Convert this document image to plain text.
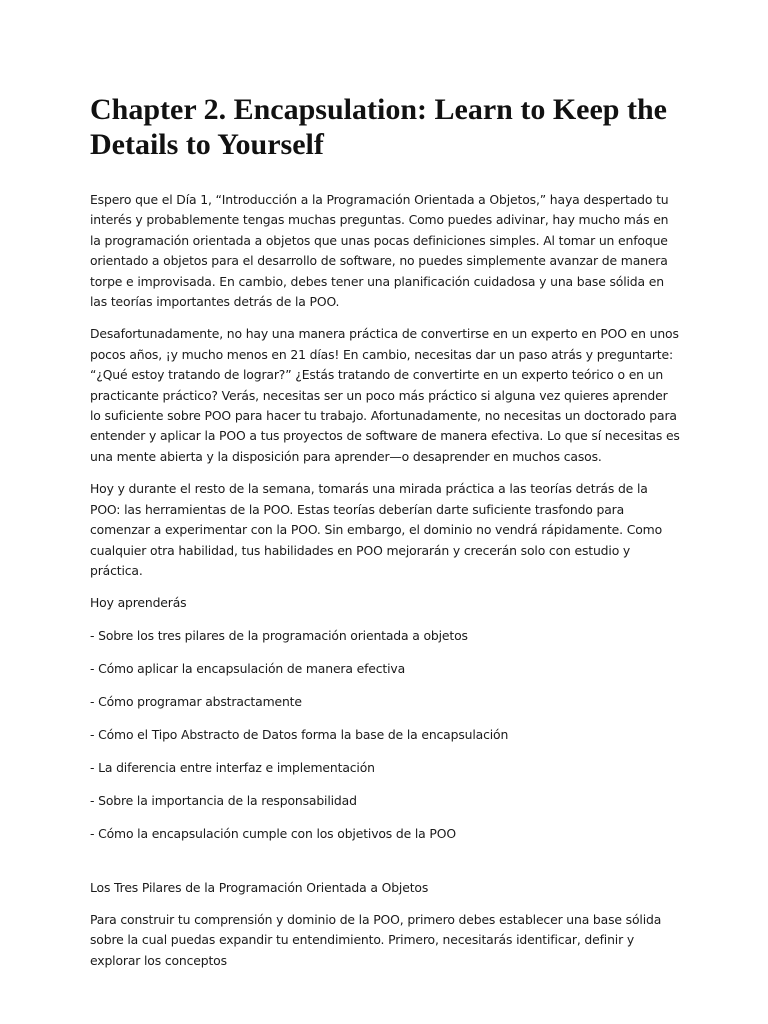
Chapter 2. Encapsulation: Learn to Keep the Details to Yourself

Espero que el Día 1, “Introducción a la Programación Orientada a Objetos,” haya despertado tu interés y probablemente tengas muchas preguntas. Como puedes adivinar, hay mucho más en la programación orientada a objetos que unas pocas definiciones simples. Al tomar un enfoque orientado a objetos para el desarrollo de software, no puedes simplemente avanzar de manera torpe e improvisada. En cambio, debes tener una planificación cuidadosa y una base sólida en las teorías importantes detrás de la POO.

Desafortunadamente, no hay una manera práctica de convertirse en un experto en POO en unos pocos años, ¡y mucho menos en 21 días! En cambio, necesitas dar un paso atrás y preguntarte: “¿Qué estoy tratando de lograr?” ¿Estás tratando de convertirte en un experto teórico o en un practicante práctico? Verás, necesitas ser un poco más práctico si alguna vez quieres aprender lo suficiente sobre POO para hacer tu trabajo. Afortunadamente, no necesitas un doctorado para entender y aplicar la POO a tus proyectos de software de manera efectiva. Lo que sí necesitas es una mente abierta y la disposición para aprender—o desaprender en muchos casos.

Hoy y durante el resto de la semana, tomarás una mirada práctica a las teorías detrás de la POO: las herramientas de la POO. Estas teorías deberían darte suficiente trasfondo para comenzar a experimentar con la POO. Sin embargo, el dominio no vendrá rápidamente. Como cualquier otra habilidad, tus habilidades en POO mejorarán y crecerán solo con estudio y práctica.

Hoy aprenderás

- Sobre los tres pilares de la programación orientada a objetos

- Cómo aplicar la encapsulación de manera efectiva

- Cómo programar abstractamente

- Cómo el Tipo Abstracto de Datos forma la base de la encapsulación

- La diferencia entre interfaz e implementación

- Sobre la importancia de la responsabilidad

- Cómo la encapsulación cumple con los objetivos de la POO

Los Tres Pilares de la Programación Orientada a Objetos

Para construir tu comprensión y dominio de la POO, primero debes establecer una base sólida sobre la cual puedas expandir tu entendimiento. Primero, necesitarás identificar, definir y explorar los conceptos
